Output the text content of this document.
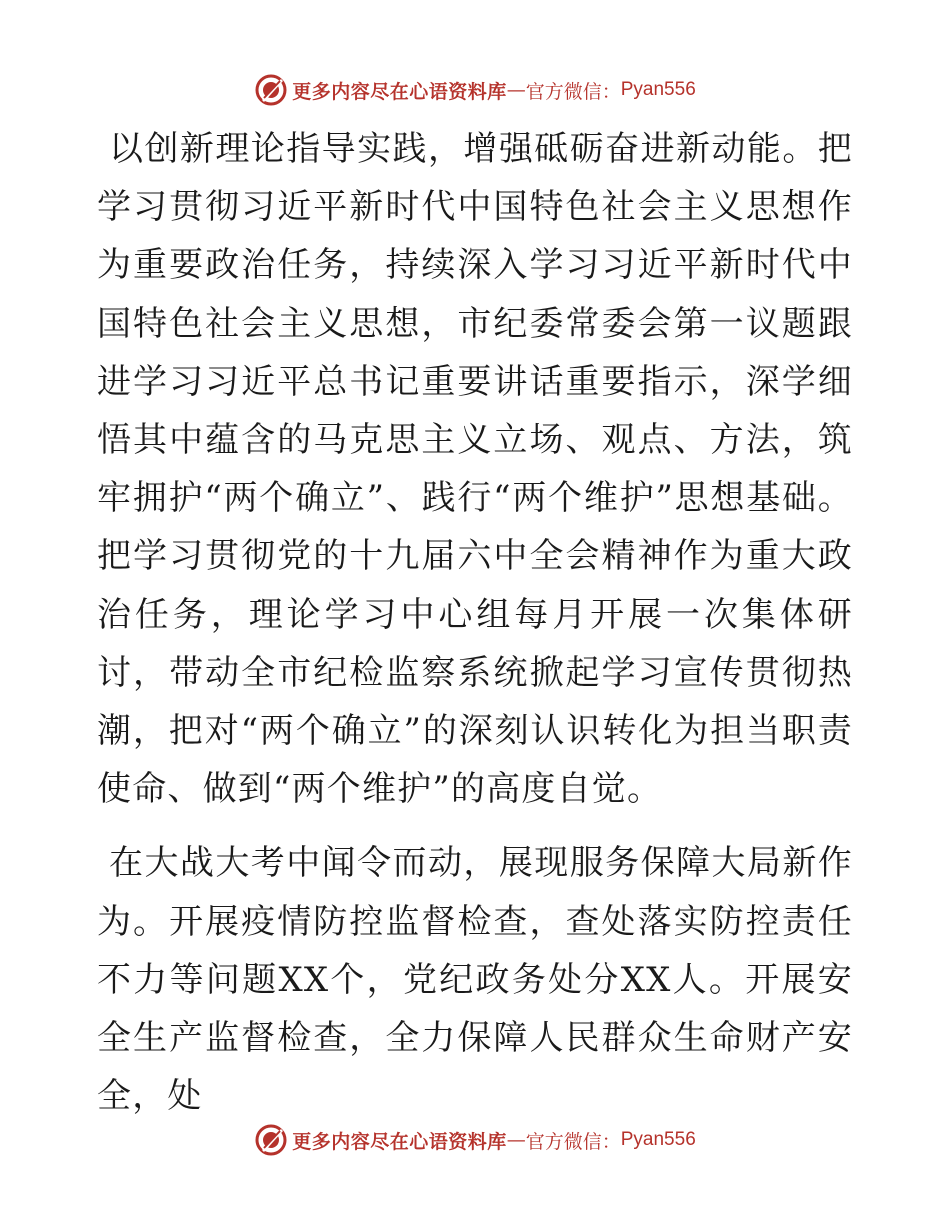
更多内容尽在心语资料库 — 官方微信： Pyan556

以创新理论指导实践，增强砥砺奋进新动能。把学习贯彻习近平新时代中国特色社会主义思想作为重要政治任务，持续深入学习习近平新时代中国特色社会主义思想，市纪委常委会第一议题跟进学习习近平总书记重要讲话重要指示，深学细悟其中蕴含的马克思主义立场、观点、方法，筑牢拥护“两个确立”、践行“两个维护”思想基础。把学习贯彻党的十九届六中全会精神作为重大政治任务，理论学习中心组每月开展一次集体研讨，带动全市纪检监察系统掀起学习宣传贯彻热潮，把对“两个确立”的深刻认识转化为担当职责使命、做到“两个维护”的高度自觉。

在大战大考中闻令而动，展现服务保障大局新作为。开展疫情防控监督检查，查处落实防控责任不力等问题XX个，党纪政务处分XX人。开展安全生产监督检查，全力保障人民群众生命财产安全，处

更多内容尽在心语资料库 — 官方微信： Pyan556
